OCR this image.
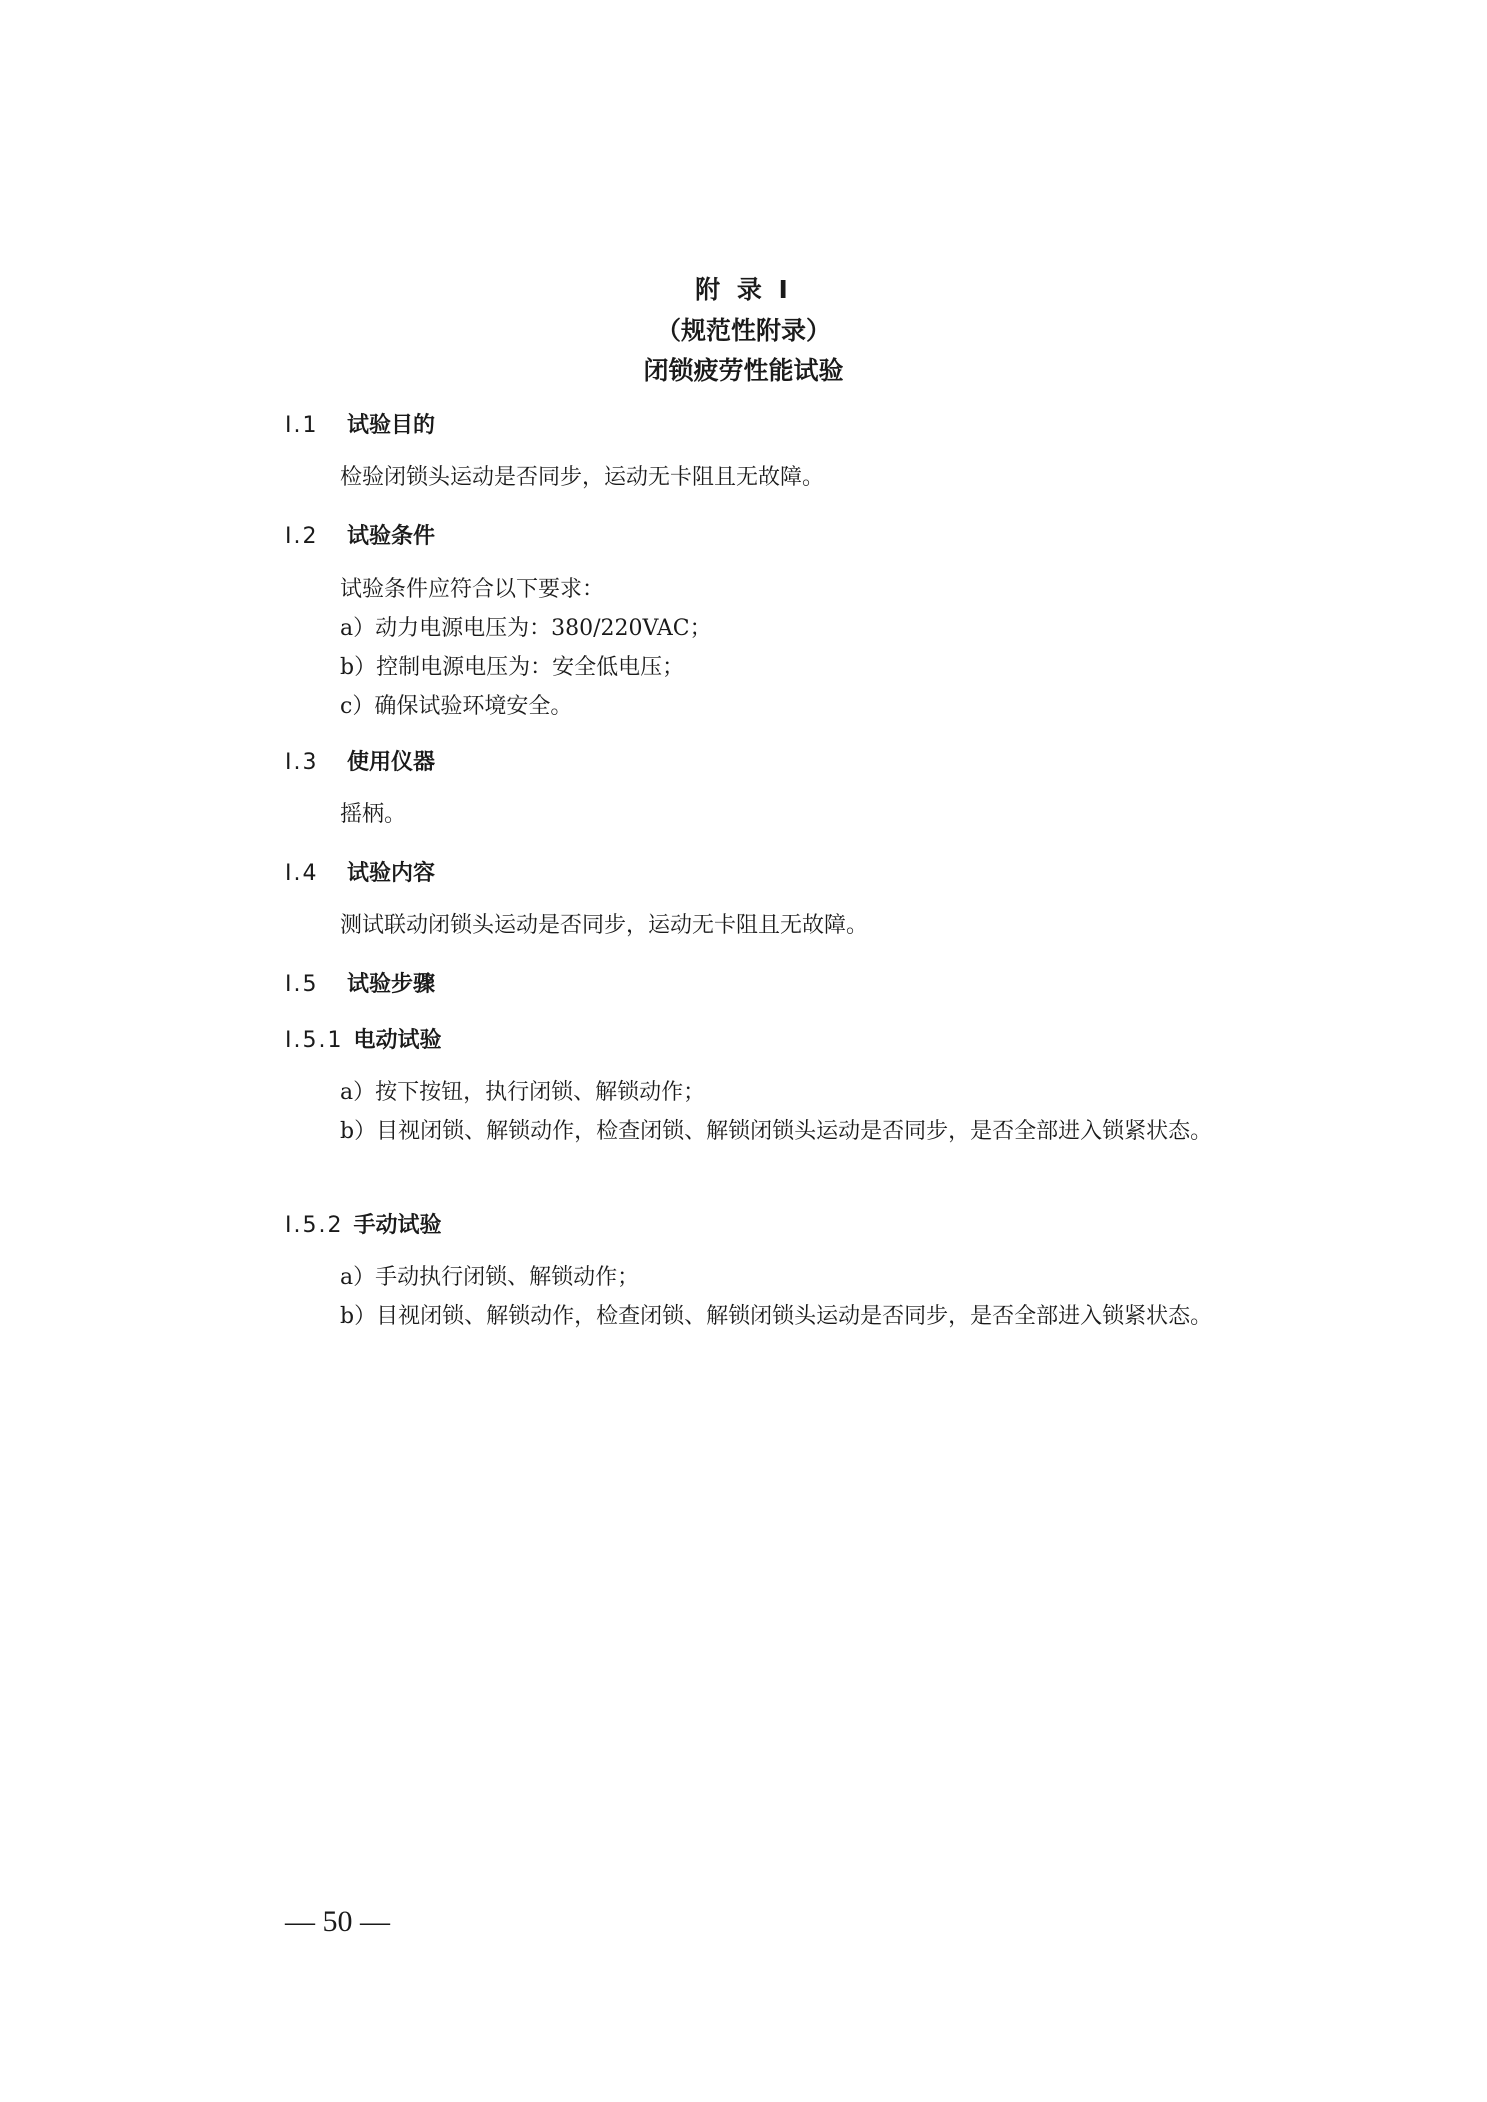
附 录 I
（规范性附录）
闭锁疲劳性能试验
I.1 试验目的
检验闭锁头运动是否同步，运动无卡阻且无故障。
I.2 试验条件
试验条件应符合以下要求：
a）动力电源电压为：380/220VAC；
b）控制电源电压为：安全低电压；
c）确保试验环境安全。
I.3 使用仪器
摇柄。
I.4 试验内容
测试联动闭锁头运动是否同步，运动无卡阻且无故障。
I.5 试验步骤
I.5.1 电动试验
a）按下按钮，执行闭锁、解锁动作；
b）目视闭锁、解锁动作，检查闭锁、解锁闭锁头运动是否同步，是否全部进入锁紧状态。
I.5.2 手动试验
a）手动执行闭锁、解锁动作；
b）目视闭锁、解锁动作，检查闭锁、解锁闭锁头运动是否同步，是否全部进入锁紧状态。
— 50 —
